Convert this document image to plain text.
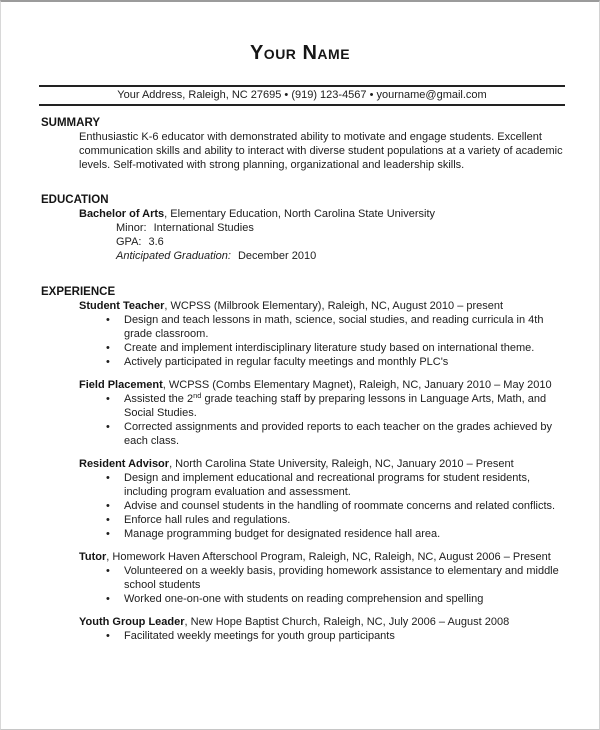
Your Name
Your Address, Raleigh, NC 27695 • (919) 123-4567 • yourname@gmail.com
SUMMARY

Enthusiastic K-6 educator with demonstrated ability to motivate and engage students. Excellent communication skills and ability to interact with diverse student populations at a variety of academic levels. Self-motivated with strong planning, organizational and leadership skills.

EDUCATION

Bachelor of Arts, Elementary Education, North Carolina State University

Minor: International Studies
GPA: 3.6
Anticipated Graduation: December 2010
EXPERIENCE

Student Teacher, WCPSS (Milbrook Elementary), Raleigh, NC, August 2010 – present

•	Design and teach lessons in math, science, social studies, and reading curricula in 4th grade classroom.
•	Create and implement interdisciplinary literature study based on international theme.
•	Actively participated in regular faculty meetings and monthly PLC's

Field Placement, WCPSS (Combs Elementary Magnet), Raleigh, NC, January 2010 – May 2010

•	Assisted the 2nd grade teaching staff by preparing lessons in Language Arts, Math, and Social Studies.
•	Corrected assignments and provided reports to each teacher on the grades achieved by each class.

Resident Advisor, North Carolina State University, Raleigh, NC, January 2010 – Present

•	Design and implement educational and recreational programs for student residents, including program evaluation and assessment.
•	Advise and counsel students in the handling of roommate concerns and related conflicts.
•	Enforce hall rules and regulations.
•	Manage programming budget for designated residence hall area.

Tutor, Homework Haven Afterschool Program, Raleigh, NC, Raleigh, NC, August 2006 – Present

•	Volunteered on a weekly basis, providing homework assistance to elementary and middle school students
•	Worked one-on-one with students on reading comprehension and spelling

Youth Group Leader, New Hope Baptist Church, Raleigh, NC, July 2006 – August 2008

•	Facilitated weekly meetings for youth group participants
